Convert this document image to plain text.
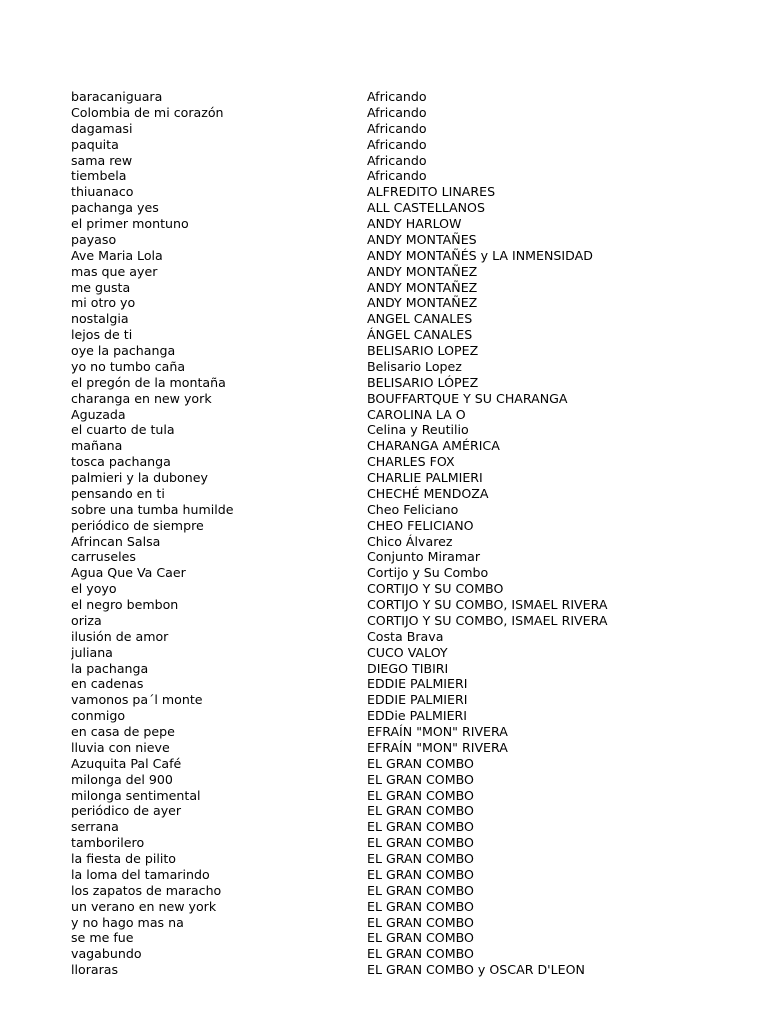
baracaniguara	Africando
Colombia de mi corazón	Africando
dagamasi	Africando
paquita	Africando
sama rew	Africando
tiembela	Africando
thiuanaco	ALFREDITO LINARES
pachanga yes	ALL CASTELLANOS
el primer montuno	ANDY HARLOW
payaso	ANDY MONTAÑES
Ave Maria Lola	ANDY MONTAÑÉS y LA INMENSIDAD
mas que ayer	ANDY MONTAÑEZ
me gusta	ANDY MONTAÑEZ
mi otro yo	ANDY MONTAÑEZ
nostalgia	ANGEL CANALES
lejos de ti	ÁNGEL CANALES
oye la pachanga	BELISARIO LOPEZ
yo no tumbo caña	Belisario Lopez
el pregón de la montaña	BELISARIO LÓPEZ
charanga en new york	BOUFFARTQUE Y SU CHARANGA
Aguzada	CAROLINA LA O
el cuarto de tula	Celina y Reutilio
mañana	CHARANGA AMÉRICA
tosca pachanga	CHARLES FOX
palmieri y la duboney	CHARLIE PALMIERI
pensando en ti	CHECHÉ MENDOZA
sobre una tumba humilde	Cheo Feliciano
periódico de siempre	CHEO FELICIANO
Afrincan Salsa	Chico Álvarez
carruseles	Conjunto Miramar
Agua Que Va Caer	Cortijo y Su Combo
el yoyo	CORTIJO Y SU COMBO
el negro bembon	CORTIJO Y SU COMBO, ISMAEL RIVERA
oriza	CORTIJO Y SU COMBO, ISMAEL RIVERA
ilusión de amor	Costa Brava
juliana	CUCO VALOY
la pachanga	DIEGO TIBIRI
en cadenas	EDDIE PALMIERI
vamonos pa´l monte	EDDIE PALMIERI
conmigo	EDDie PALMIERI
en casa de pepe	EFRAÍN "MON" RIVERA
lluvia con nieve	EFRAÍN "MON" RIVERA
Azuquita Pal Café	EL GRAN COMBO
milonga del 900	EL GRAN COMBO
milonga sentimental	EL GRAN COMBO
periódico de ayer	EL GRAN COMBO
serrana	EL GRAN COMBO
tamborilero	EL GRAN COMBO
la fiesta de pilito	EL GRAN COMBO
la loma del tamarindo	EL GRAN COMBO
los zapatos de maracho	EL GRAN COMBO
un verano en new york	EL GRAN COMBO
y no hago mas na	EL GRAN COMBO
se me fue	EL GRAN COMBO
vagabundo	EL GRAN COMBO
lloraras	EL GRAN COMBO y OSCAR D'LEON
